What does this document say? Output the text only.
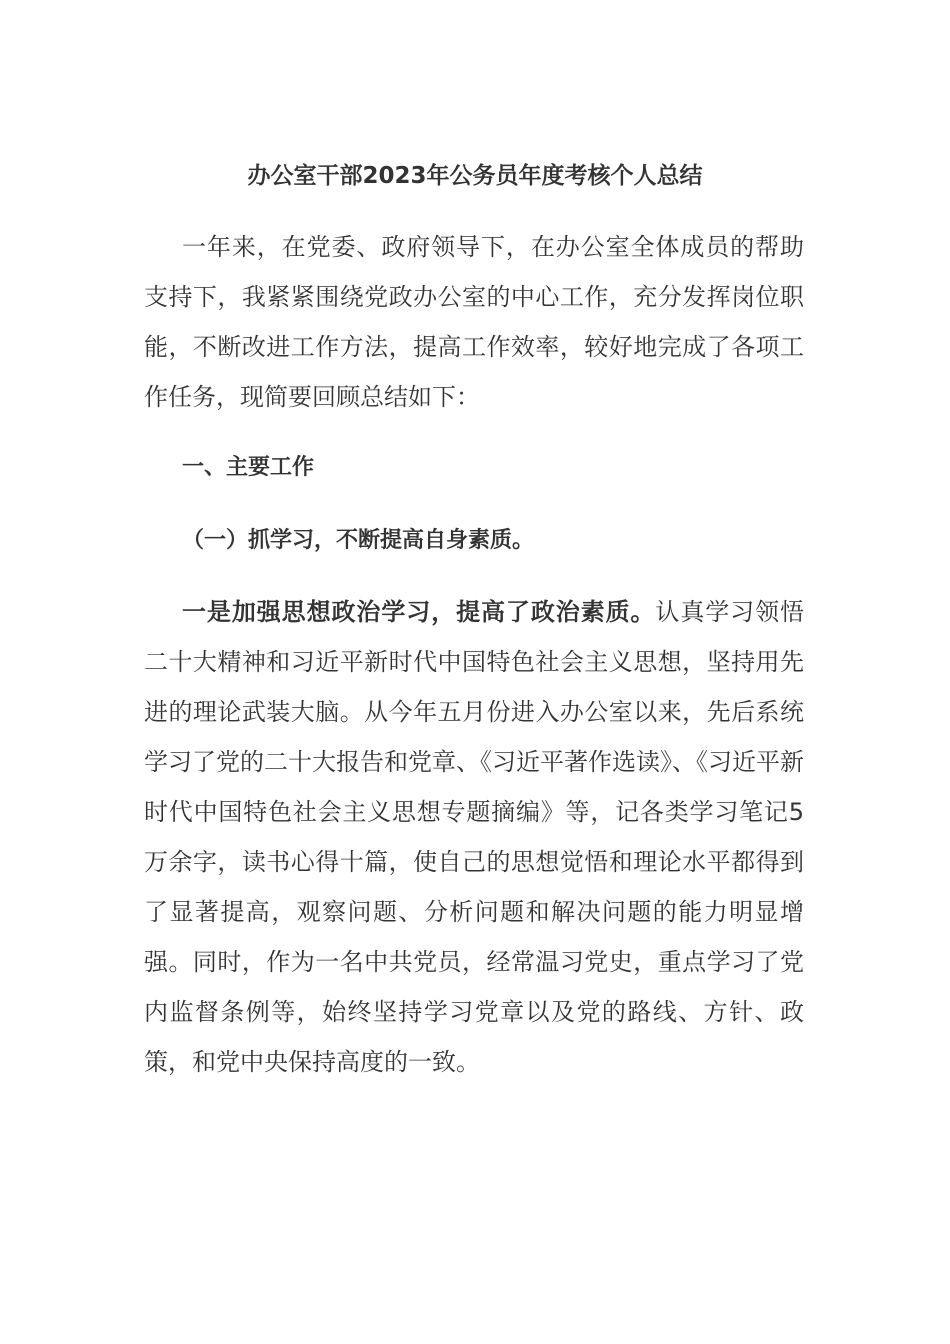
办公室干部2023年公务员年度考核个人总结

一年来，在党委、政府领导下，在办公室全体成员的帮助支持下，我紧紧围绕党政办公室的中心工作，充分发挥岗位职能，不断改进工作方法，提高工作效率，较好地完成了各项工作任务，现简要回顾总结如下：

一、主要工作
（一）抓学习，不断提高自身素质。

一是加强思想政治学习，提高了政治素质。认真学习领悟二十大精神和习近平新时代中国特色社会主义思想，坚持用先进的理论武装大脑。从今年五月份进入办公室以来，先后系统学习了党的二十大报告和党章、《习近平著作选读》、《习近平新时代中国特色社会主义思想专题摘编》等，记各类学习笔记5万余字，读书心得十篇，使自己的思想觉悟和理论水平都得到了显著提高，观察问题、分析问题和解决问题的能力明显增强。同时，作为一名中共党员，经常温习党史，重点学习了党内监督条例等，始终坚持学习党章以及党的路线、方针、政策，和党中央保持高度的一致。
